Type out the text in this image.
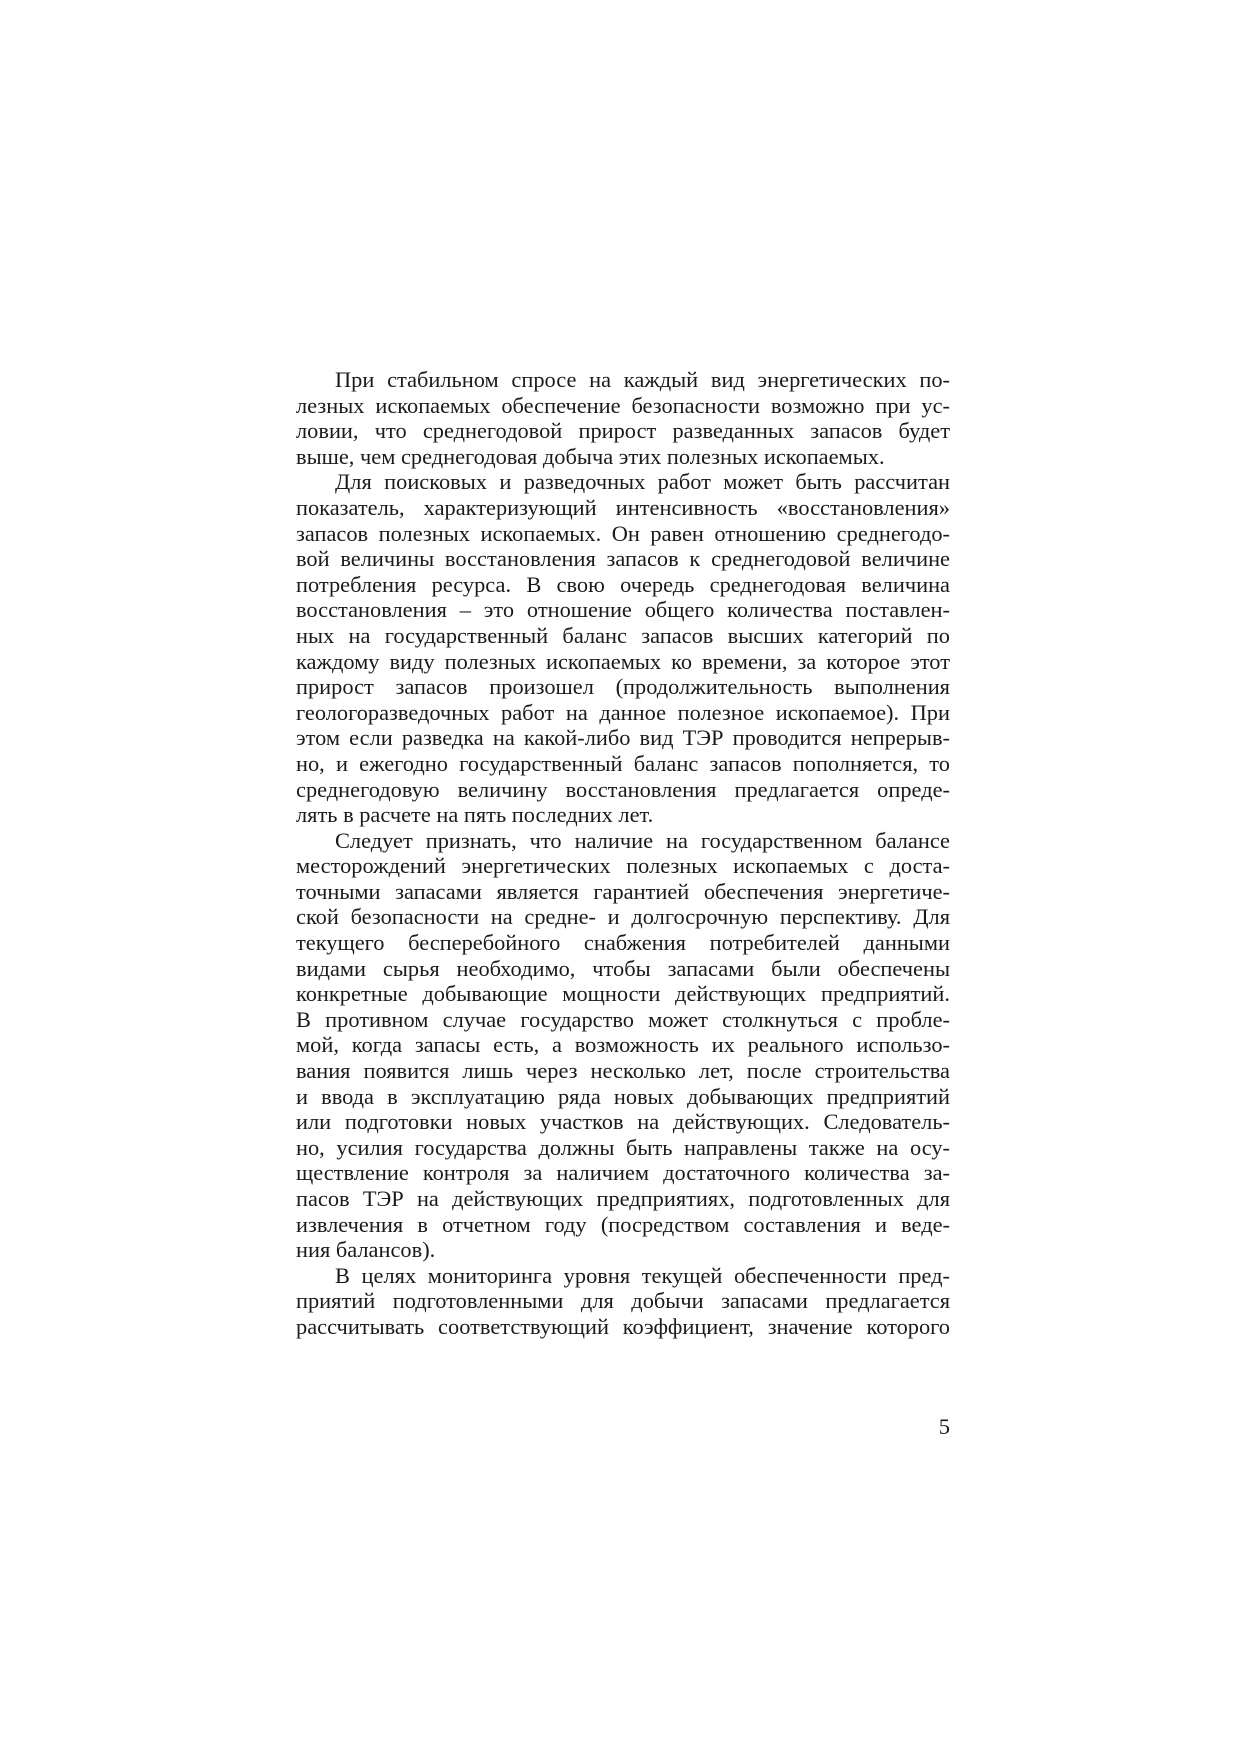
При стабильном спросе на каждый вид энергетических по-
лезных ископаемых обеспечение безопасности возможно при ус-
ловии, что среднегодовой прирост разведанных запасов будет
выше, чем среднегодовая добыча этих полезных ископаемых.
Для поисковых и разведочных работ может быть рассчитан
показатель, характеризующий интенсивность «восстановления»
запасов полезных ископаемых. Он равен отношению среднегодо-
вой величины восстановления запасов к среднегодовой величине
потребления ресурса. В свою очередь среднегодовая величина
восстановления – это отношение общего количества поставлен-
ных на государственный баланс запасов высших категорий по
каждому виду полезных ископаемых ко времени, за которое этот
прирост запасов произошел (продолжительность выполнения
геологоразведочных работ на данное полезное ископаемое). При
этом если разведка на какой-либо вид ТЭР проводится непрерыв-
но, и ежегодно государственный баланс запасов пополняется, то
среднегодовую величину восстановления предлагается опреде-
лять в расчете на пять последних лет.
Следует признать, что наличие на государственном балансе
месторождений энергетических полезных ископаемых с доста-
точными запасами является гарантией обеспечения энергетиче-
ской безопасности на средне- и долгосрочную перспективу. Для
текущего бесперебойного снабжения потребителей данными
видами сырья необходимо, чтобы запасами были обеспечены
конкретные добывающие мощности действующих предприятий.
В противном случае государство может столкнуться с пробле-
мой, когда запасы есть, а возможность их реального использо-
вания появится лишь через несколько лет, после строительства
и ввода в эксплуатацию ряда новых добывающих предприятий
или подготовки новых участков на действующих. Следователь-
но, усилия государства должны быть направлены также на осу-
ществление контроля за наличием достаточного количества за-
пасов ТЭР на действующих предприятиях, подготовленных для
извлечения в отчетном году (посредством составления и веде-
ния балансов).
В целях мониторинга уровня текущей обеспеченности пред-
приятий подготовленными для добычи запасами предлагается
рассчитывать соответствующий коэффициент, значение которого
5
